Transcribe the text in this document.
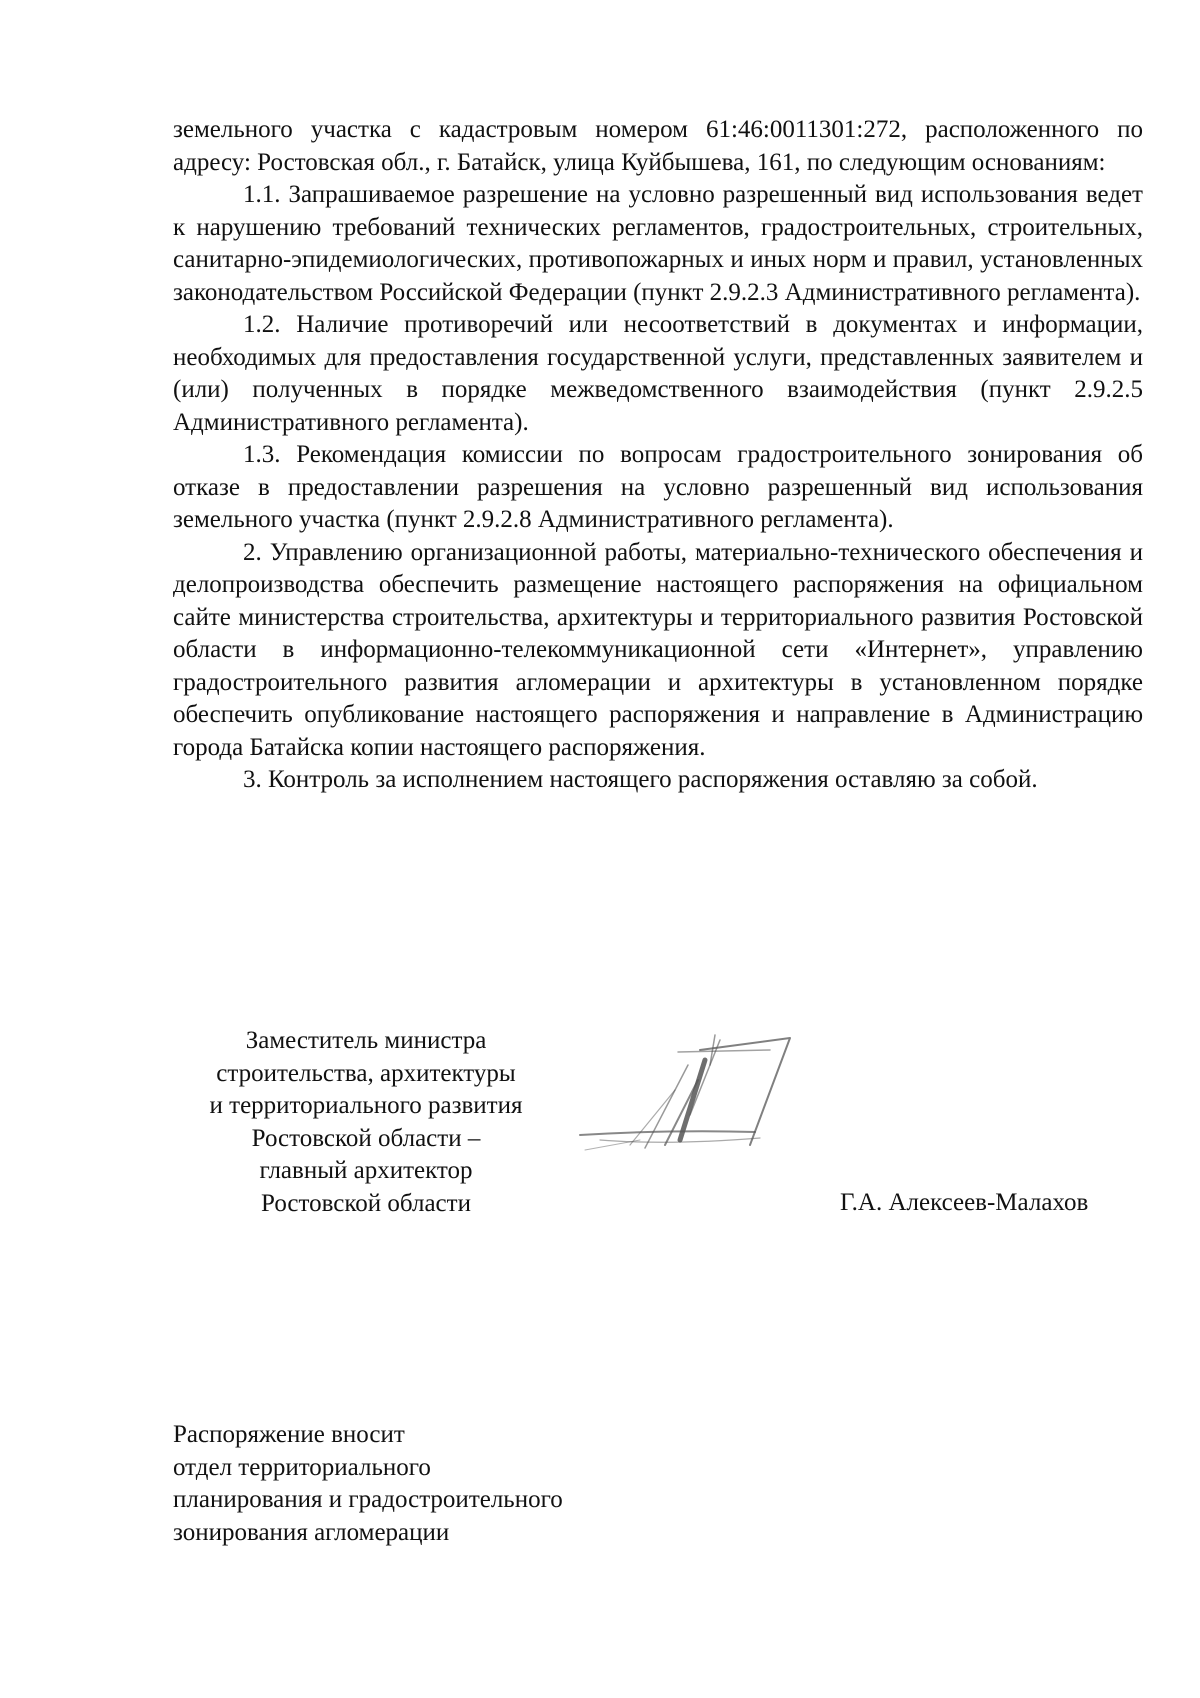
земельного участка с кадастровым номером 61:46:0011301:272, расположенного по адресу: Ростовская обл., г. Батайск, улица Куйбышева, 161, по следующим основаниям:

1.1. Запрашиваемое разрешение на условно разрешенный вид использования ведет к нарушению требований технических регламентов, градостроительных, строительных, санитарно-эпидемиологических, противопожарных и иных норм и правил, установленных законодательством Российской Федерации (пункт 2.9.2.3 Административного регламента).

1.2. Наличие противоречий или несоответствий в документах и информации, необходимых для предоставления государственной услуги, представленных заявителем и (или) полученных в порядке межведомственного взаимодействия (пункт 2.9.2.5 Административного регламента).

1.3. Рекомендация комиссии по вопросам градостроительного зонирования об отказе в предоставлении разрешения на условно разрешенный вид использования земельного участка (пункт 2.9.2.8 Административного регламента).

2. Управлению организационной работы, материально-технического обеспечения и делопроизводства обеспечить размещение настоящего распоряжения на официальном сайте министерства строительства, архитектуры и территориального развития Ростовской области в информационно-телекоммуникационной сети «Интернет», управлению градостроительного развития агломерации и архитектуры в установленном порядке обеспечить опубликование настоящего распоряжения и направление в Администрацию города Батайска копии настоящего распоряжения.

3. Контроль за исполнением настоящего распоряжения оставляю за собой.

Заместитель министра
строительства, архитектуры
и территориального развития
Ростовской области –
главный архитектор
Ростовской области	Г.А. Алексеев-Малахов
Распоряжение вносит
отдел территориального
планирования и градостроительного
зонирования агломерации
